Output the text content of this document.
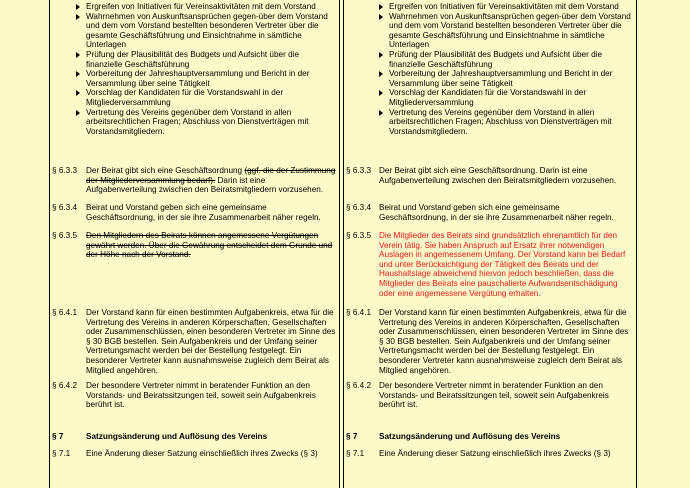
Ergreifen von Initiativen für Vereinsaktivitäten mit dem Vorstand
Wahrnehmen von Auskunftsansprüchen gegen-über dem Vorstand und dem vom Vorstand bestellten besonderen Vertreter über die gesamte Geschäftsführung und Einsichtnahme in sämtliche Unterlagen
Prüfung der Plausibilität des Budgets und Aufsicht über die finanzielle Geschäftsführung
Vorbereitung der Jahreshauptversammlung und Bericht in der Versammlung über seine Tätigkeit
Vorschlag der Kandidaten für die Vorstandswahl in der Mitgliederversammlung
Vertretung des Vereins gegenüber dem Vorstand in allen arbeitsrechtlichen Fragen; Abschluss von Dienstverträgen mit Vorstandsmitgliedern.
§ 6.3.3 Der Beirat gibt sich eine Geschäftsordnung (ggf. die der Zustimmung der Mitgliederversammlung bedarf). Darin ist eine Aufgabenverteilung zwischen den Beiratsmitgliedern vorzusehen.
§ 6.3.4 Beirat und Vorstand geben sich eine gemeinsame Geschäftsordnung, in der sie ihre Zusammenarbeit näher regeln.
§ 6.3.5 Den Mitgliedern des Beirats können angemessene Vergütungen gewährt werden. Über die Gewährung entscheidet dem Grunde und der Höhe nach der Vorstand.
§ 6.4.1 Der Vorstand kann für einen bestimmten Aufgabenkreis, etwa für die Vertretung des Vereins in anderen Körperschaften, Gesellschaften oder Zusammenschlüssen, einen besonderen Vertreter im Sinne des § 30 BGB bestellen. Sein Aufgabenkreis und der Umfang seiner Vertretungsmacht werden bei der Bestellung festgelegt. Ein besonderer Vertreter kann ausnahmsweise zugleich dem Beirat als Mitglied angehören.
§ 6.4.2 Der besondere Vertreter nimmt in beratender Funktion an den Vorstands- und Beiratssitzungen teil, soweit sein Aufgabenkreis berührt ist.
§ 7	Satzungsänderung und Auflösung des Vereins
§ 7.1 Eine Änderung dieser Satzung einschließlich ihres Zwecks (§ 3)
Ergreifen von Initiativen für Vereinsaktivitäten mit dem Vorstand
Wahrnehmen von Auskunftsansprüchen gegen-über dem Vorstand und dem vom Vorstand bestellten besonderen Vertreter über die gesamte Geschäftsführung und Einsichtnahme in sämtliche Unterlagen
Prüfung der Plausibilität des Budgets und Aufsicht über die finanzielle Geschäftsführung
Vorbereitung der Jahreshauptversammlung und Bericht in der Versammlung über seine Tätigkeit
Vorschlag der Kandidaten für die Vorstandswahl in der Mitgliederversammlung
Vertretung des Vereins gegenüber dem Vorstand in allen arbeitsrechtlichen Fragen; Abschluss von Dienstverträgen mit Vorstandsmitgliedern.
§ 6.3.3 Der Beirat gibt sich eine Geschäftsordnung. Darin ist eine Aufgabenverteilung zwischen den Beiratsmitgliedern vorzusehen.
§ 6.3.4 Beirat und Vorstand geben sich eine gemeinsame Geschäftsordnung, in der sie ihre Zusammenarbeit näher regeln.
§ 6.3.5 Die Mitglieder des Beirats sind grundsätzlich ehrenamtlich für den Verein tätig. Sie haben Anspruch auf Ersatz ihrer notwendigen Auslagen in angemessenem Umfang. Der Vorstand kann bei Bedarf und unter Berücksichtigung der Tätigkeit des Beirats und der Haushaltslage abweichend hiervon jedoch beschließen, dass die Mitglieder des Beirats eine pauschalierte Aufwandsentschädigung oder eine angemessene Vergütung erhalten.
§ 6.4.1 Der Vorstand kann für einen bestimmten Aufgabenkreis, etwa für die Vertretung des Vereins in anderen Körperschaften, Gesellschaften oder Zusammenschlüssen, einen besonderen Vertreter im Sinne des § 30 BGB bestellen. Sein Aufgabenkreis und der Umfang seiner Vertretungsmacht werden bei der Bestellung festgelegt. Ein besonderer Vertreter kann ausnahmsweise zugleich dem Beirat als Mitglied angehören.
§ 6.4.2 Der besondere Vertreter nimmt in beratender Funktion an den Vorstands- und Beiratssitzungen teil, soweit sein Aufgabenkreis berührt ist.
§ 7	Satzungsänderung und Auflösung des Vereins
§ 7.1 Eine Änderung dieser Satzung einschließlich ihres Zwecks (§ 3)
